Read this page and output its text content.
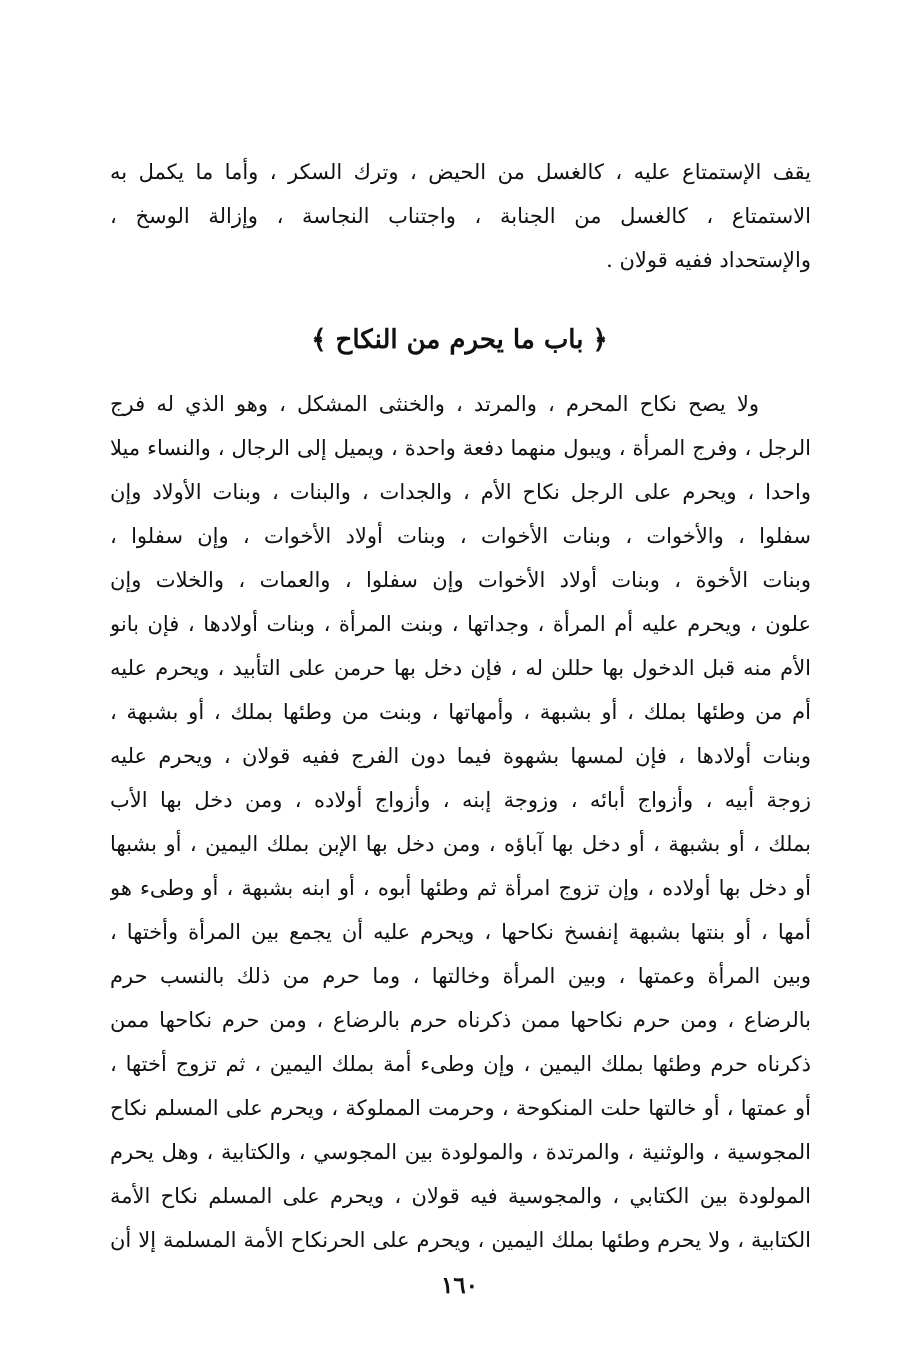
يقف الإستمتاع عليه ، كالغسل من الحيض ، وترك السكر ، وأما ما يكمل به
الاستمتاع ، كالغسل من الجنابة ، واجتناب النجاسة ، وإزالة الوسخ ،
والإستحداد ففيه قولان .
﴿ باب ما يحرم من النكاح ﴾
ولا يصح نكاح المحرم ، والمرتد ، والخنثى المشكل ، وهو الذي له فرج
الرجل ، وفرج المرأة ، ويبول منهما دفعة واحدة ، ويميل إلى الرجال ، والنساء ميلا
واحدا ، ويحرم على الرجل نكاح الأم ، والجدات ، والبنات ، وبنات الأولاد وإن
سفلوا ، والأخوات ، وبنات الأخوات ، وبنات أولاد الأخوات ، وإن سفلوا ،
وبنات الأخوة ، وبنات أولاد الأخوات وإن سفلوا ، والعمات ، والخلات وإن
علون ، ويحرم عليه أم المرأة ، وجداتها ، وبنت المرأة ، وبنات أولادها ، فإن بانو
الأم منه قبل الدخول بها حللن له ، فإن دخل بها حرمن على التأبيد ، ويحرم عليه
أم من وطئها بملك ، أو بشبهة ، وأمهاتها ، وبنت من وطئها بملك ، أو بشبهة ،
وبنات أولادها ، فإن لمسها بشهوة فيما دون الفرج ففيه قولان ، ويحرم عليه
زوجة أبيه ، وأزواج أبائه ، وزوجة إبنه ، وأزواج أولاده ، ومن دخل بها الأب
بملك ، أو بشبهة ، أو دخل بها آباؤه ، ومن دخل بها الإبن بملك اليمين ، أو بشبها
أو دخل بها أولاده ، وإن تزوج امرأة ثم وطئها أبوه ، أو ابنه بشبهة ، أو وطىء هو
أمها ، أو بنتها بشبهة إنفسخ نكاحها ، ويحرم عليه أن يجمع بين المرأة وأختها ،
وبين المرأة وعمتها ، وبين المرأة وخالتها ، وما حرم من ذلك بالنسب حرم
بالرضاع ، ومن حرم نكاحها ممن ذكرناه حرم بالرضاع ، ومن حرم نكاحها ممن
ذكرناه حرم وطئها بملك اليمين ، وإن وطىء أمة بملك اليمين ، ثم تزوج أختها ،
أو عمتها ، أو خالتها حلت المنكوحة ، وحرمت المملوكة ، ويحرم على المسلم نكاح
المجوسية ، والوثنية ، والمرتدة ، والمولودة بين المجوسي ، والكتابية ، وهل يحرم
المولودة بين الكتابي ، والمجوسية فيه قولان ، ويحرم على المسلم نكاح الأمة
الكتابية ، ولا يحرم وطئها بملك اليمين ، ويحرم على الحرنكاح الأمة المسلمة إلا أن
١٦٠
